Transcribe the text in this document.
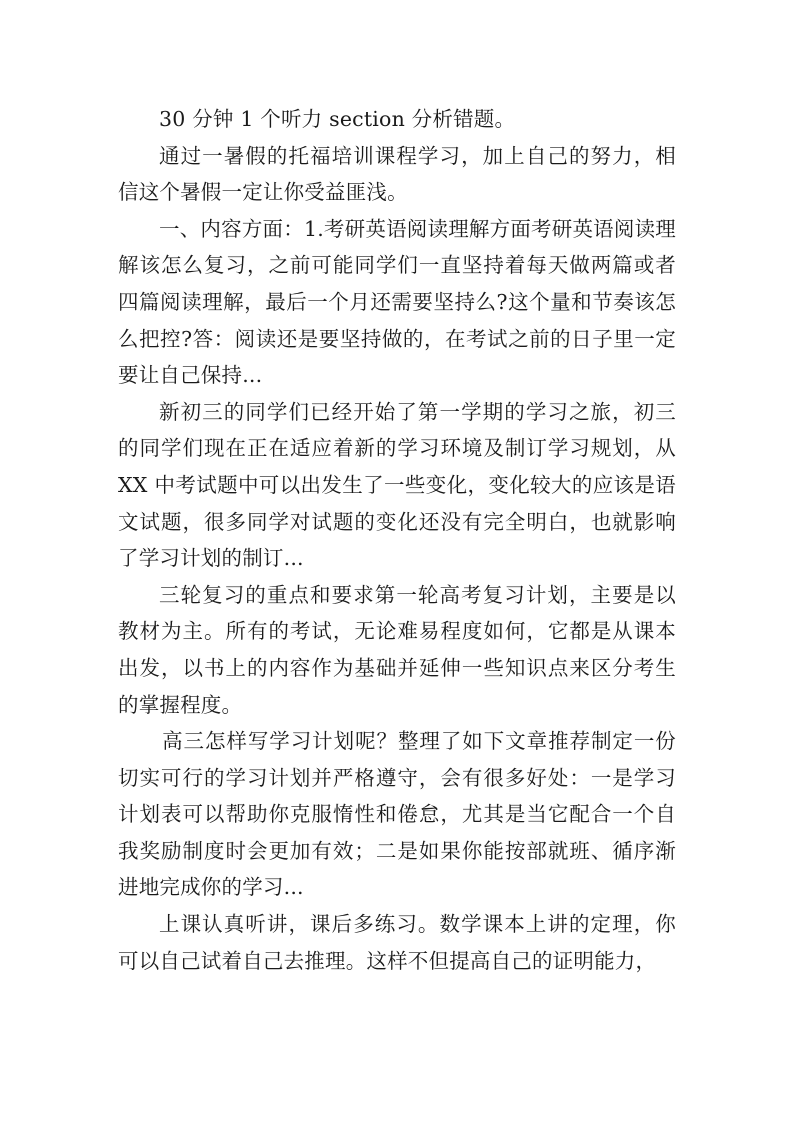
30 分钟 1 个听力 section 分析错题。

通过一暑假的托福培训课程学习，加上自己的努力，相信这个暑假一定让你受益匪浅。

一、内容方面：1.考研英语阅读理解方面考研英语阅读理解该怎么复习，之前可能同学们一直坚持着每天做两篇或者四篇阅读理解，最后一个月还需要坚持么?这个量和节奏该怎么把控?答：阅读还是要坚持做的，在考试之前的日子里一定要让自己保持...

新初三的同学们已经开始了第一学期的学习之旅，初三的同学们现在正在适应着新的学习环境及制订学习规划，从 XX 中考试题中可以出发生了一些变化，变化较大的应该是语文试题，很多同学对试题的变化还没有完全明白，也就影响了学习计划的制订...

三轮复习的重点和要求第一轮高考复习计划，主要是以教材为主。所有的考试，无论难易程度如何，它都是从课本出发，以书上的内容作为基础并延伸一些知识点来区分考生的掌握程度。

高三怎样写学习计划呢？整理了如下文章推荐制定一份切实可行的学习计划并严格遵守，会有很多好处：一是学习计划表可以帮助你克服惰性和倦怠，尤其是当它配合一个自我奖励制度时会更加有效；二是如果你能按部就班、循序渐进地完成你的学习...

上课认真听讲，课后多练习。数学课本上讲的定理，你可以自己试着自己去推理。这样不但提高自己的证明能力，
